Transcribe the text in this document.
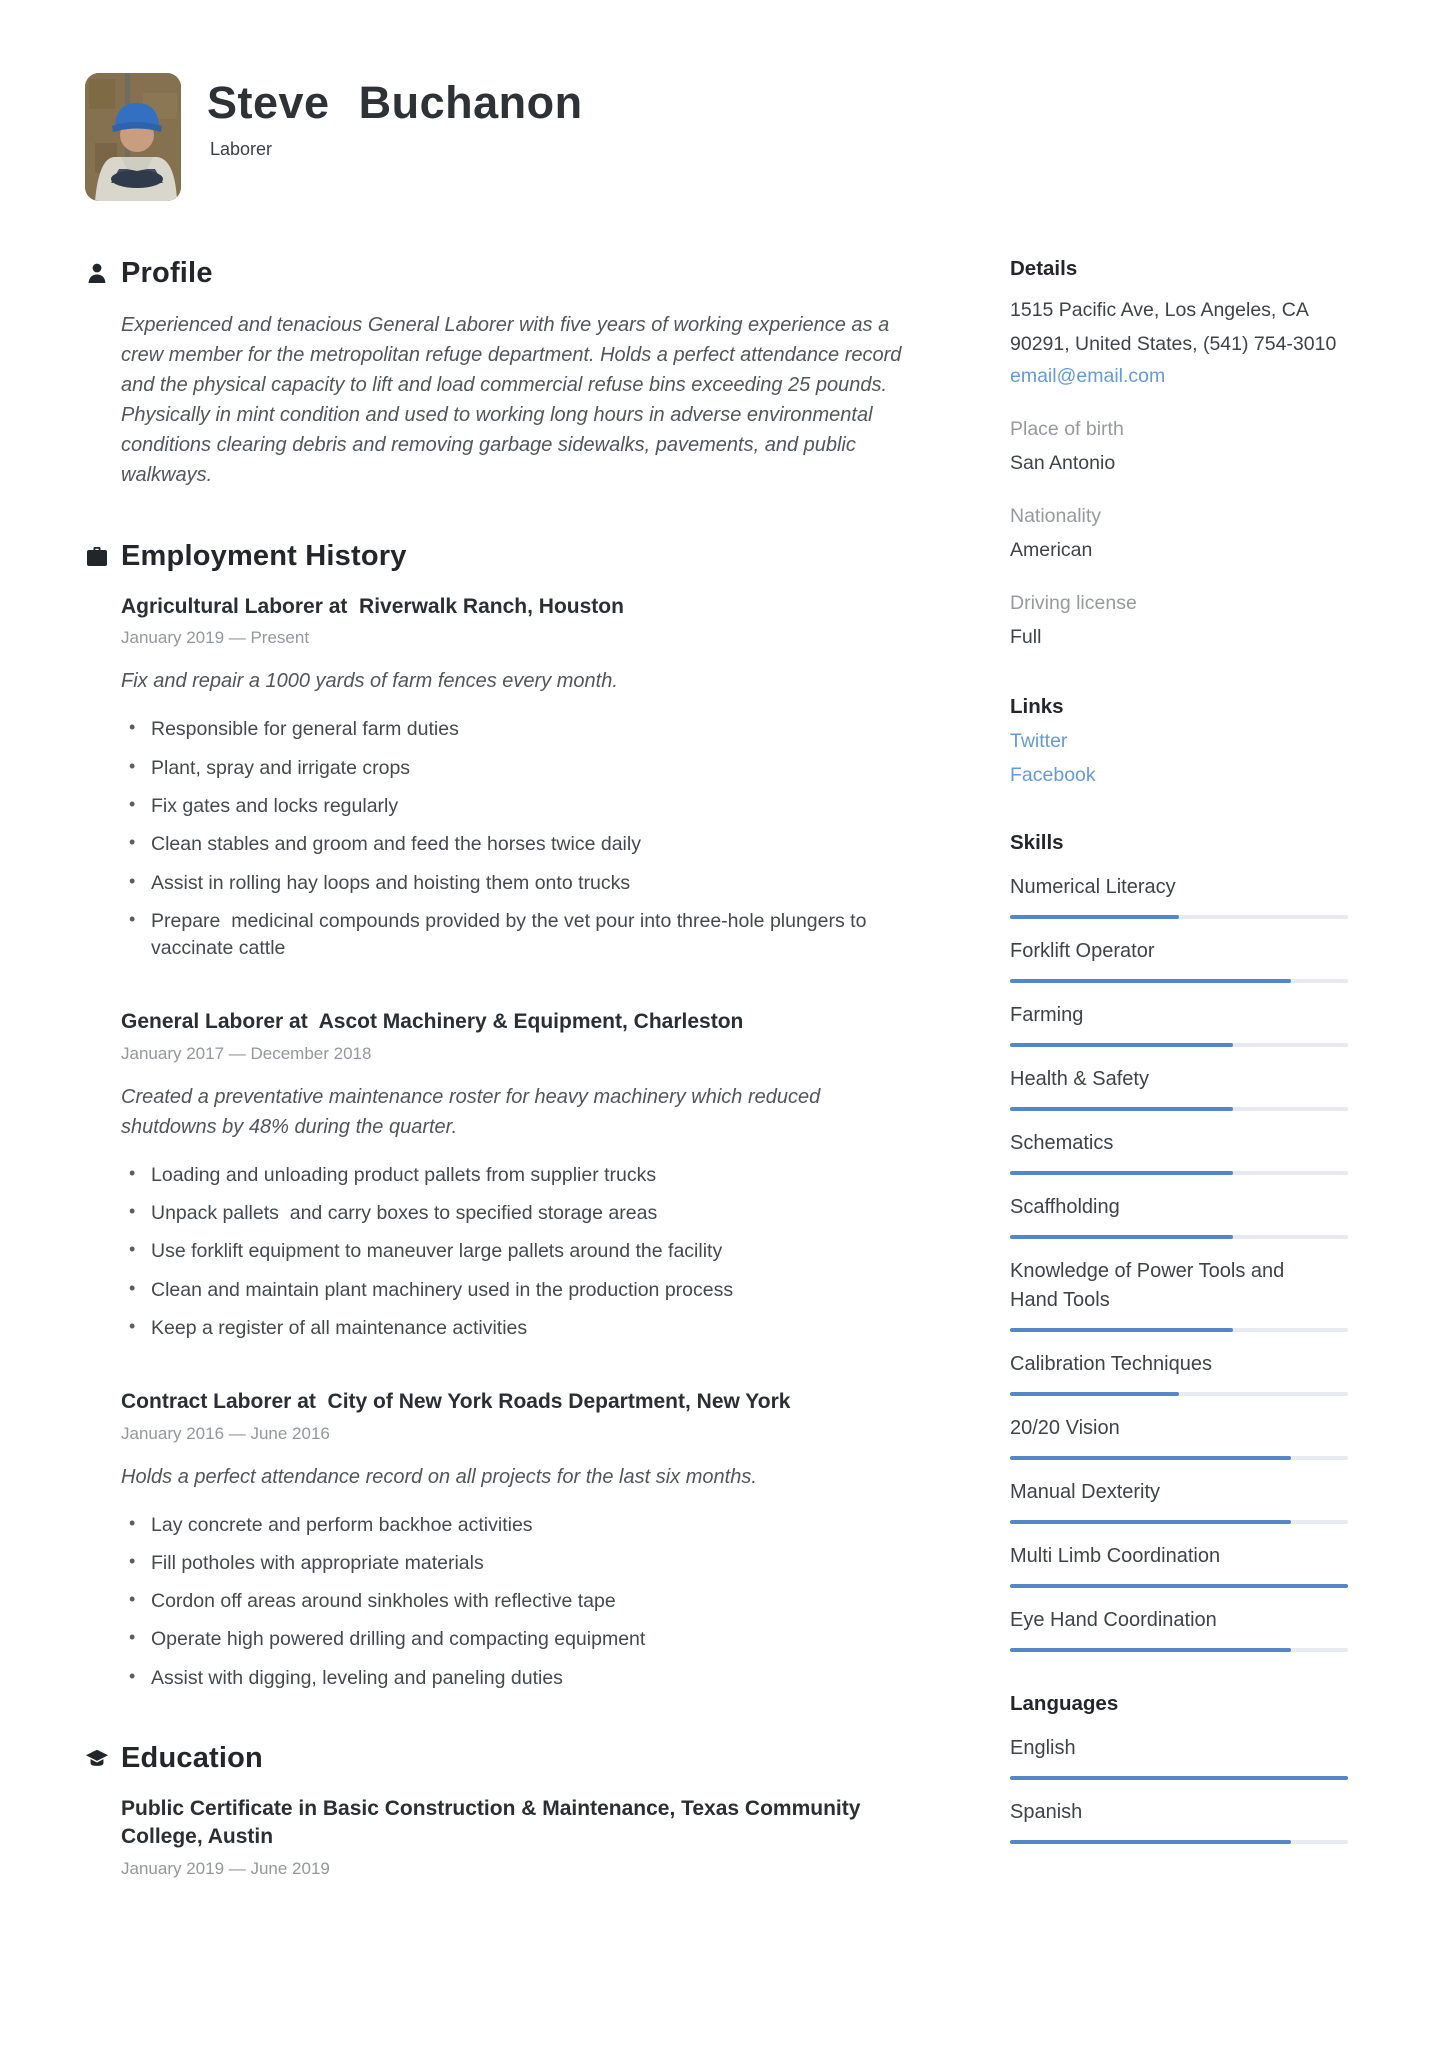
Steve Buchanon
Laborer
Profile

Experienced and tenacious General Laborer with five years of working experience as a crew member for the metropolitan refuge department. Holds a perfect attendance record and the physical capacity to lift and load commercial refuse bins exceeding 25 pounds. Physically in mint condition and used to working long hours in adverse environmental conditions clearing debris and removing garbage sidewalks, pavements, and public walkways.

Employment History
Agricultural Laborer at  Riverwalk Ranch, Houston
January 2019 — Present

Fix and repair a 1000 yards of farm fences every month.

• Responsible for general farm duties
• Plant, spray and irrigate crops
• Fix gates and locks regularly
• Clean stables and groom and feed the horses twice daily
• Assist in rolling hay loops and hoisting them onto trucks
• Prepare  medicinal compounds provided by the vet pour into three-hole plungers to     vaccinate cattle
General Laborer at  Ascot Machinery & Equipment, Charleston
January 2017 — December 2018

Created a preventative maintenance roster for heavy machinery which reduced shutdowns by 48% during the quarter.

• Loading and unloading product pallets from supplier trucks
• Unpack pallets  and carry boxes to specified storage areas
• Use forklift equipment to maneuver large pallets around the facility
• Clean and maintain plant machinery used in the production process
• Keep a register of all maintenance activities
Contract Laborer at  City of New York Roads Department, New York
January 2016 — June 2016

Holds a perfect attendance record on all projects for the last six months.

• Lay concrete and perform backhoe activities
• Fill potholes with appropriate materials
• Cordon off areas around sinkholes with reflective tape
• Operate high powered drilling and compacting equipment
• Assist with digging, leveling and paneling duties
Education
Public Certificate in Basic Construction & Maintenance, Texas Community College, Austin
January 2019 — June 2019
Details
1515 Pacific Ave, Los Angeles, CA 90291, United States, (541) 754-3010
email@email.com
Place of birth
San Antonio
Nationality
American
Driving license
Full
Links
Twitter
Facebook
Skills
Numerical Literacy
Forklift Operator
Farming
Health & Safety
Schematics
Scaffholding
Knowledge of Power Tools and Hand Tools
Calibration Techniques
20/20 Vision
Manual Dexterity
Multi Limb Coordination
Eye Hand Coordination
Languages
English
Spanish
